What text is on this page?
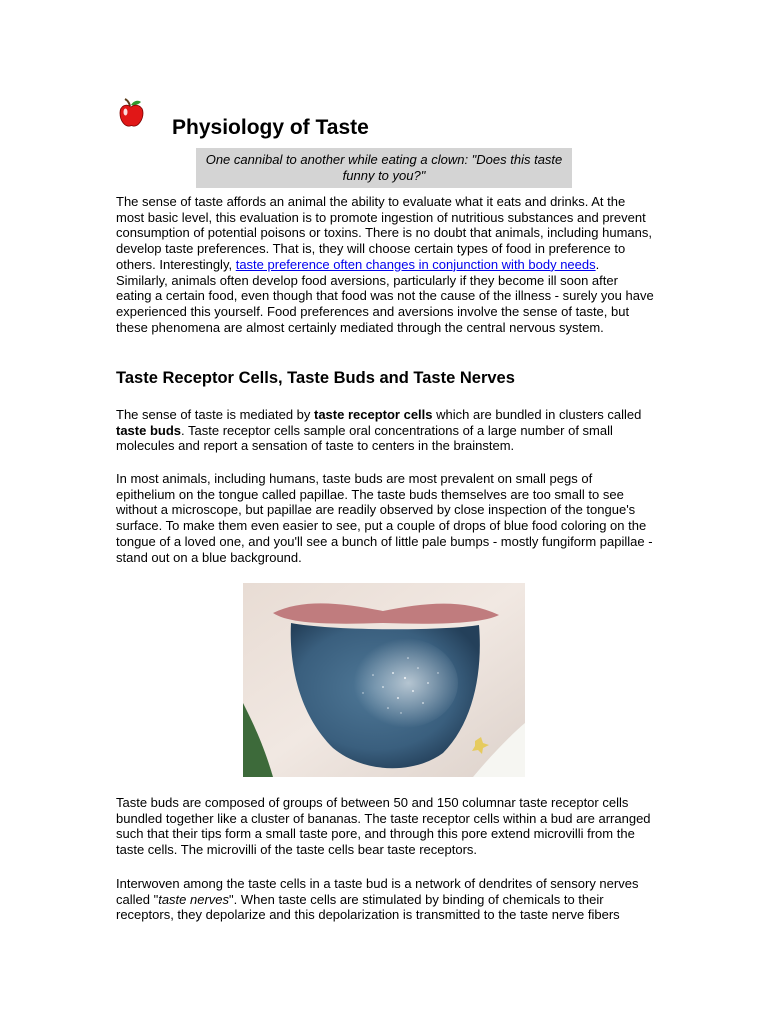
Physiology of Taste
One cannibal to another while eating a clown: "Does this taste funny to you?"

The sense of taste affords an animal the ability to evaluate what it eats and drinks. At the most basic level, this evaluation is to promote ingestion of nutritious substances and prevent consumption of potential poisons or toxins. There is no doubt that animals, including humans, develop taste preferences. That is, they will choose certain types of food in preference to others. Interestingly, taste preference often changes in conjunction with body needs. Similarly, animals often develop food aversions, particularly if they become ill soon after eating a certain food, even though that food was not the cause of the illness - surely you have experienced this yourself. Food preferences and aversions involve the sense of taste, but these phenomena are almost certainly mediated through the central nervous system.

Taste Receptor Cells, Taste Buds and Taste Nerves

The sense of taste is mediated by taste receptor cells which are bundled in clusters called taste buds. Taste receptor cells sample oral concentrations of a large number of small molecules and report a sensation of taste to centers in the brainstem.

In most animals, including humans, taste buds are most prevalent on small pegs of epithelium on the tongue called papillae. The taste buds themselves are too small to see without a microscope, but papillae are readily observed by close inspection of the tongue's surface. To make them even easier to see, put a couple of drops of blue food coloring on the tongue of a loved one, and you'll see a bunch of little pale bumps - mostly fungiform papillae - stand out on a blue background.

Taste buds are composed of groups of between 50 and 150 columnar taste receptor cells bundled together like a cluster of bananas. The taste receptor cells within a bud are arranged such that their tips form a small taste pore, and through this pore extend microvilli from the taste cells. The microvilli of the taste cells bear taste receptors.

Interwoven among the taste cells in a taste bud is a network of dendrites of sensory nerves called "taste nerves". When taste cells are stimulated by binding of chemicals to their receptors, they depolarize and this depolarization is transmitted to the taste nerve fibers
